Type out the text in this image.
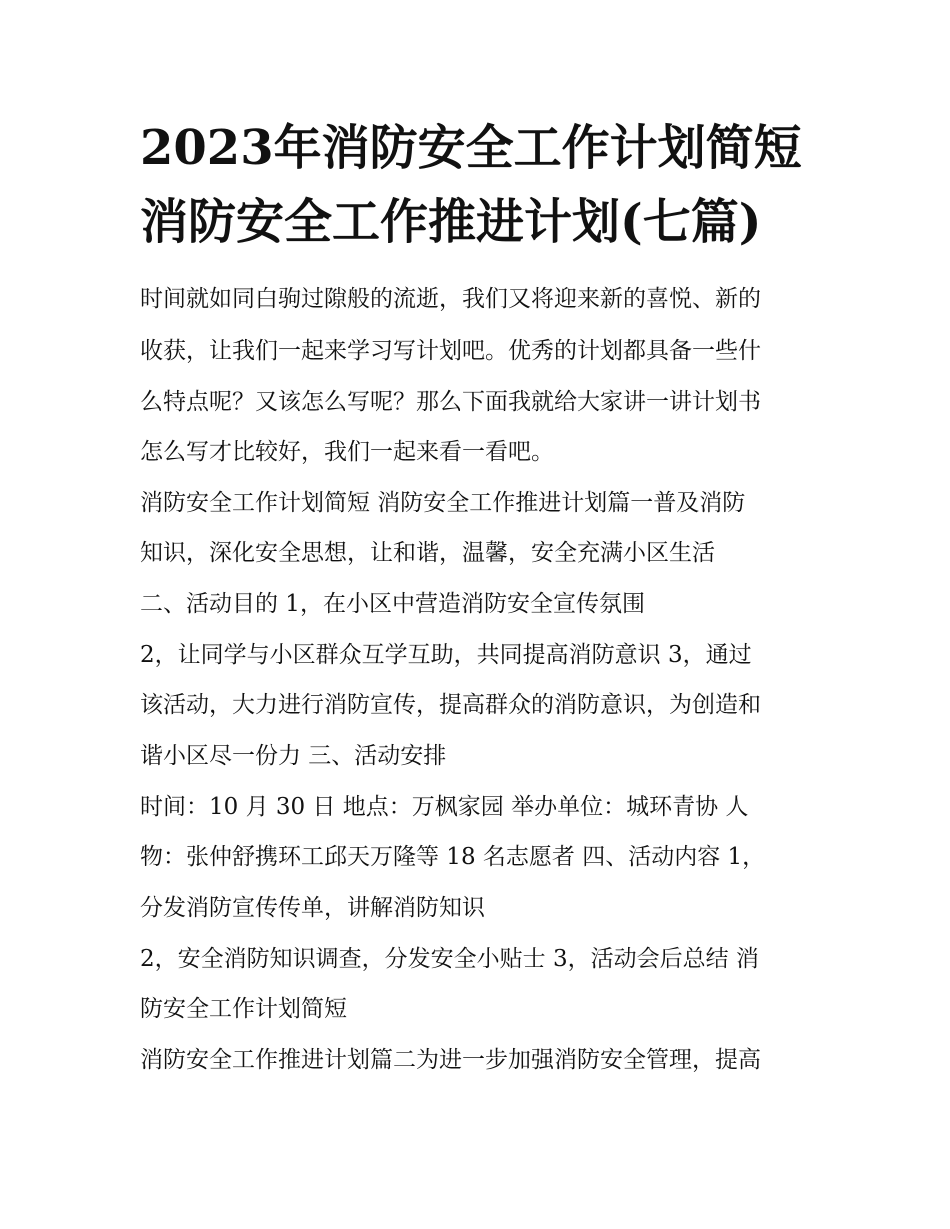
2023年消防安全工作计划简短
消防安全工作推进计划(七篇)

时间就如同白驹过隙般的流逝，我们又将迎来新的喜悦、新的

收获，让我们一起来学习写计划吧。优秀的计划都具备一些什

么特点呢？又该怎么写呢？那么下面我就给大家讲一讲计划书

怎么写才比较好，我们一起来看一看吧。

消防安全工作计划简短 消防安全工作推进计划篇一普及消防

知识，深化安全思想，让和谐，温馨，安全充满小区生活

二、活动目的 1，在小区中营造消防安全宣传氛围

2，让同学与小区群众互学互助，共同提高消防意识 3，通过

该活动，大力进行消防宣传，提高群众的消防意识，为创造和

谐小区尽一份力 三、活动安排

时间：10 月 30 日 地点：万枫家园 举办单位：城环青协 人

物：张仲舒携环工邱天万隆等 18 名志愿者 四、活动内容 1，

分发消防宣传传单，讲解消防知识

2，安全消防知识调查，分发安全小贴士 3，活动会后总结 消

防安全工作计划简短

消防安全工作推进计划篇二为进一步加强消防安全管理，提高
